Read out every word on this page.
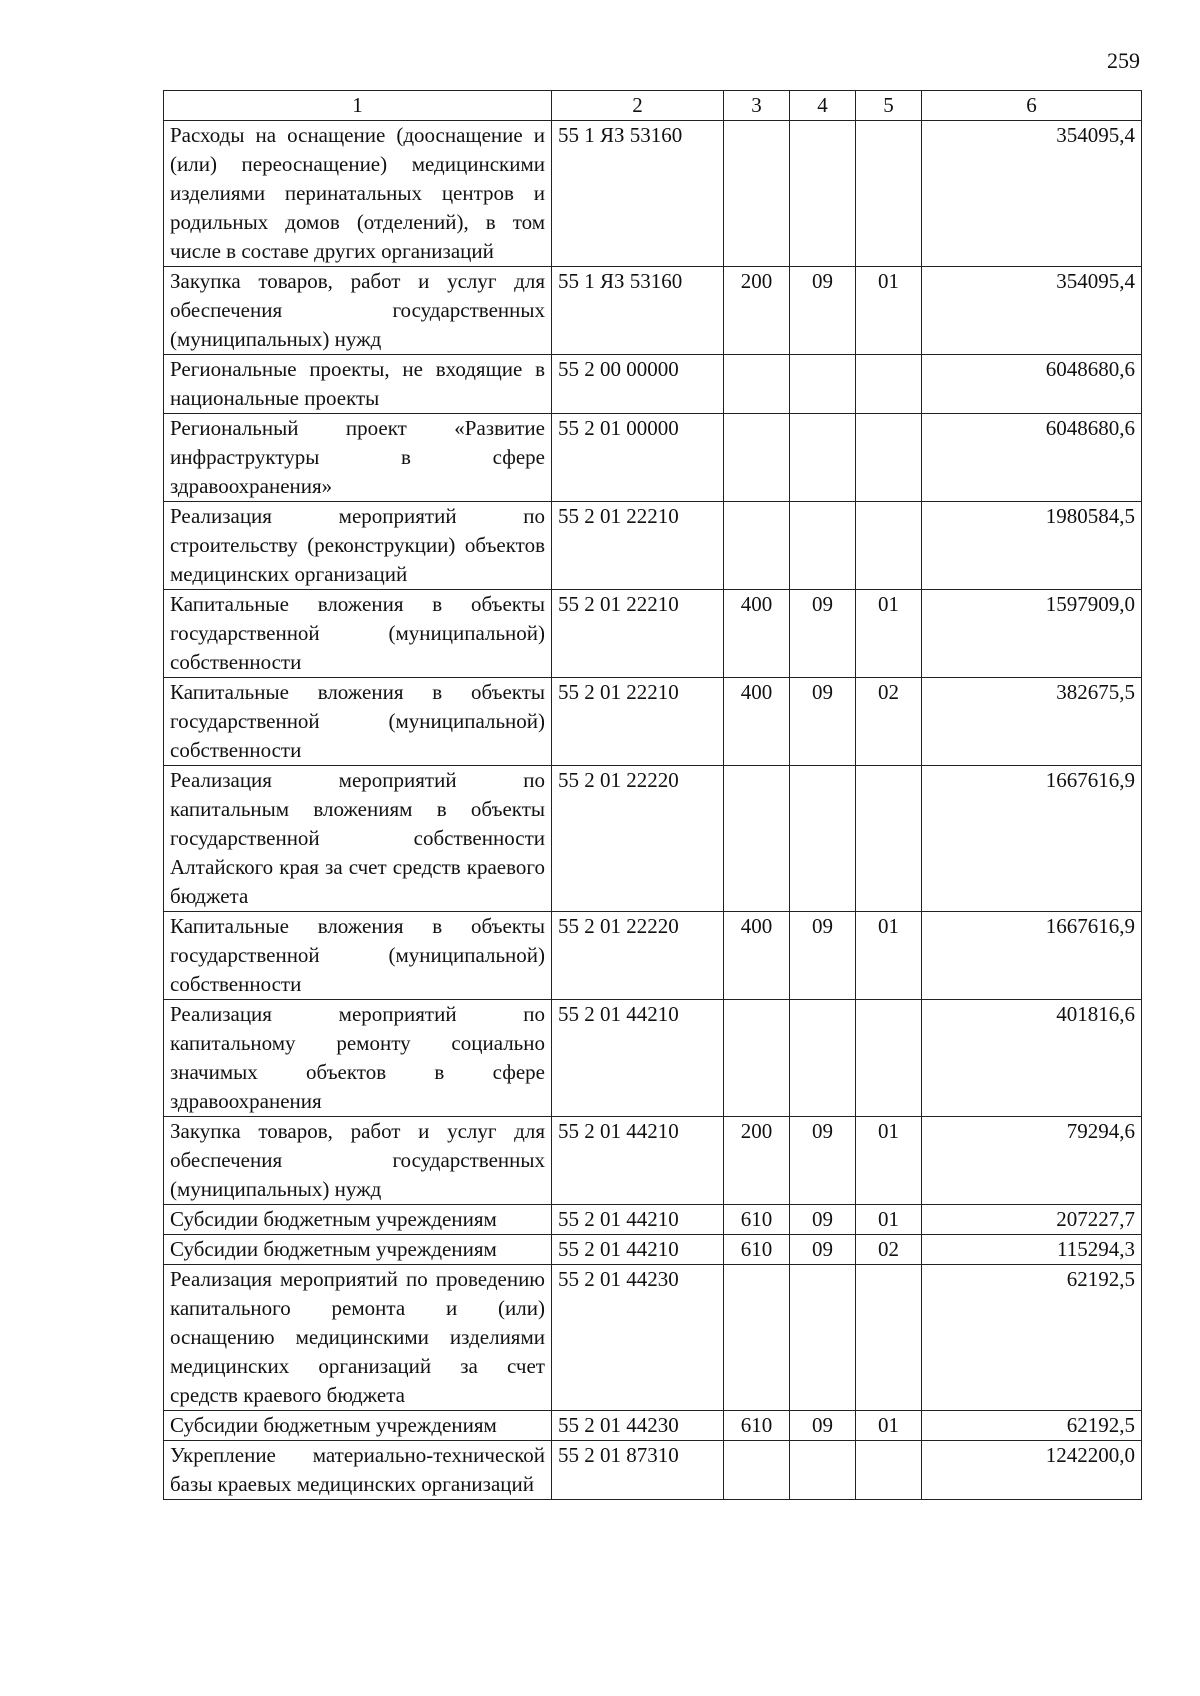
259
1	2	3	4	5	6
Расходы на оснащение (дооснащение и (или) переоснащение) медицинскими изделиями перинатальных центров и родильных домов (отделений), в том числе в составе других организаций	55 1 ЯЗ 53160				354095,4
Закупка товаров, работ и услуг для обеспечения государственных (муниципальных) нужд	55 1 ЯЗ 53160	200	09	01	354095,4
Региональные проекты, не входящие в национальные проекты	55 2 00 00000				6048680,6
Региональный проект «Развитие инфраструктуры в сфере здравоохранения»	55 2 01 00000				6048680,6
Реализация мероприятий по строительству (реконструкции) объектов медицинских организаций	55 2 01 22210				1980584,5
Капитальные вложения в объекты государственной (муниципальной) собственности	55 2 01 22210	400	09	01	1597909,0
Капитальные вложения в объекты государственной (муниципальной) собственности	55 2 01 22210	400	09	02	382675,5
Реализация мероприятий по капитальным вложениям в объекты государственной собственности Алтайского края за счет средств краевого бюджета	55 2 01 22220				1667616,9
Капитальные вложения в объекты государственной (муниципальной) собственности	55 2 01 22220	400	09	01	1667616,9
Реализация мероприятий по капитальному ремонту социально значимых объектов в сфере здравоохранения	55 2 01 44210				401816,6
Закупка товаров, работ и услуг для обеспечения государственных (муниципальных) нужд	55 2 01 44210	200	09	01	79294,6
Субсидии бюджетным учреждениям	55 2 01 44210	610	09	01	207227,7
Субсидии бюджетным учреждениям	55 2 01 44210	610	09	02	115294,3
Реализация мероприятий по проведению капитального ремонта и (или) оснащению медицинскими изделиями медицинских организаций за счет средств краевого бюджета	55 2 01 44230				62192,5
Субсидии бюджетным учреждениям	55 2 01 44230	610	09	01	62192,5
Укрепление материально-технической базы краевых медицинских организаций	55 2 01 87310				1242200,0
